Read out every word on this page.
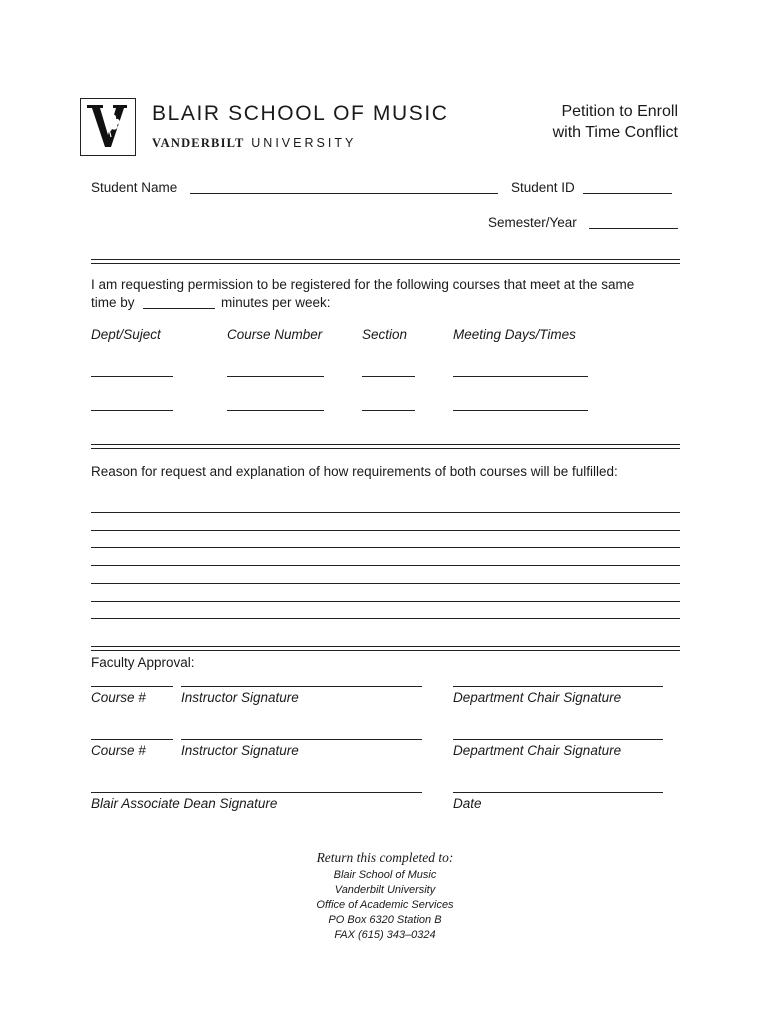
BLAIR SCHOOL OF MUSIC
VANDERBILT UNIVERSITY
Petition to Enroll
with Time Conflict
Student Name	Student ID
Semester/Year
I am requesting permission to be registered for the following courses that meet at the same
time by	minutes per week:
Dept/Suject	Course Number	Section	Meeting Days/Times
Reason for request and explanation of how requirements of both courses will be fulfilled:
Faculty Approval:
Course #	Instructor Signature	Department Chair Signature
Course #	Instructor Signature	Department Chair Signature
Blair Associate Dean Signature	Date
Return this completed to:
Blair School of Music
Vanderbilt University
Office of Academic Services
PO Box 6320 Station B
FAX (615) 343–0324
